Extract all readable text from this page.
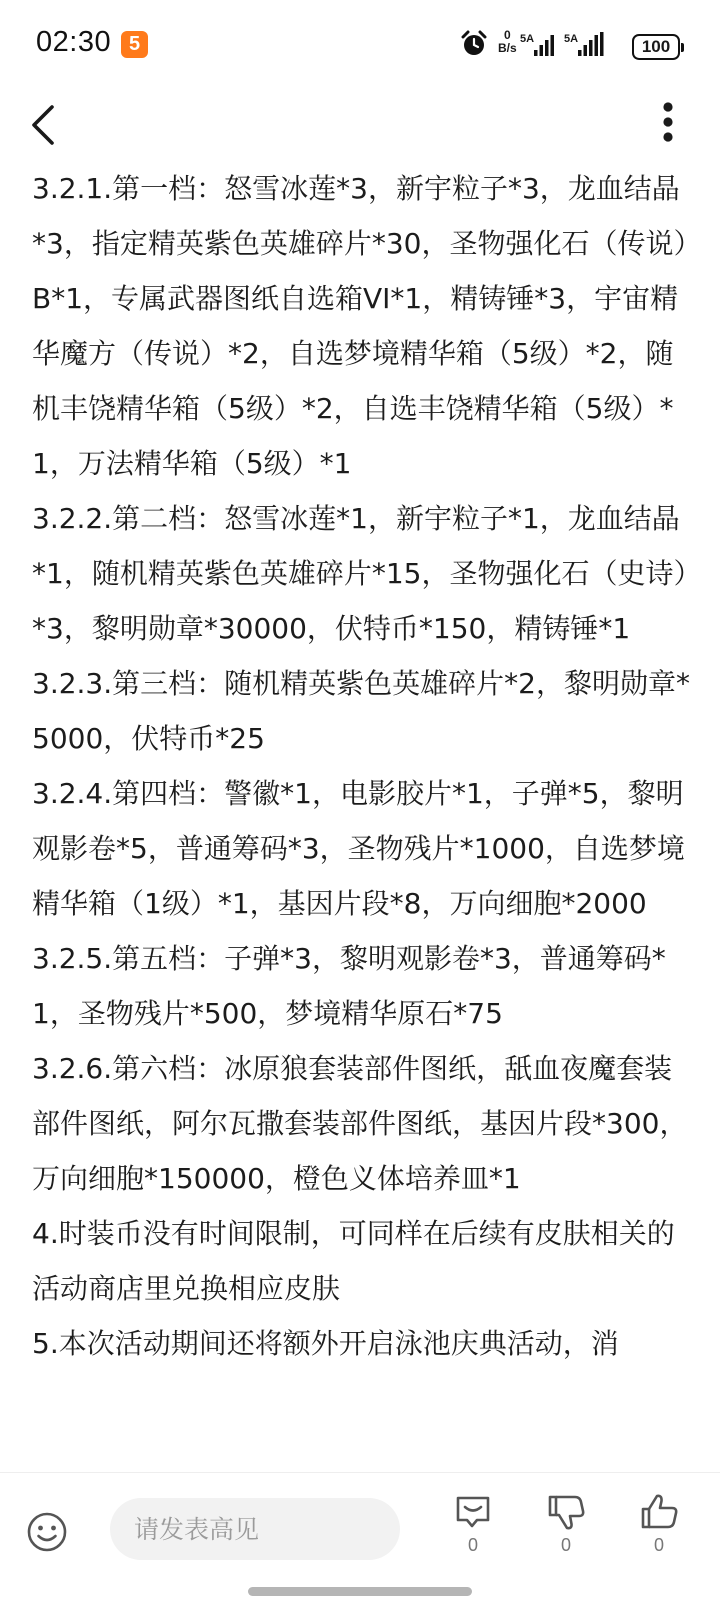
02:30 5	0
B/s
5A	5A	100

3.2.1.第一档：怒雪冰莲*3，新宇粒子*3，龙血结晶*3，指定精英紫色英雄碎片*30，圣物强化石（传说）B*1，专属武器图纸自选箱VI*1，精铸锤*3，宇宙精华魔方（传说）*2，自选梦境精华箱（5级）*2，随机丰饶精华箱（5级）*2，自选丰饶精华箱（5级）*1，万法精华箱（5级）*1

3.2.2.第二档：怒雪冰莲*1，新宇粒子*1，龙血结晶*1，随机精英紫色英雄碎片*15，圣物强化石（史诗）*3，黎明勋章*30000，伏特币*150，精铸锤*1

3.2.3.第三档：随机精英紫色英雄碎片*2，黎明勋章*5000，伏特币*25

3.2.4.第四档：警徽*1，电影胶片*1，子弹*5，黎明观影卷*5，普通筹码*3，圣物残片*1000，自选梦境精华箱（1级）*1，基因片段*8，万向细胞*2000

3.2.5.第五档：子弹*3，黎明观影卷*3，普通筹码*1，圣物残片*500，梦境精华原石*75

3.2.6.第六档：冰原狼套装部件图纸，舐血夜魔套装部件图纸，阿尔瓦撒套装部件图纸，基因片段*300，万向细胞*150000，橙色义体培养皿*1

4.时装币没有时间限制，可同样在后续有皮肤相关的活动商店里兑换相应皮肤

5.本次活动期间还将额外开启泳池庆典活动，消

请发表高见
0	0	0
